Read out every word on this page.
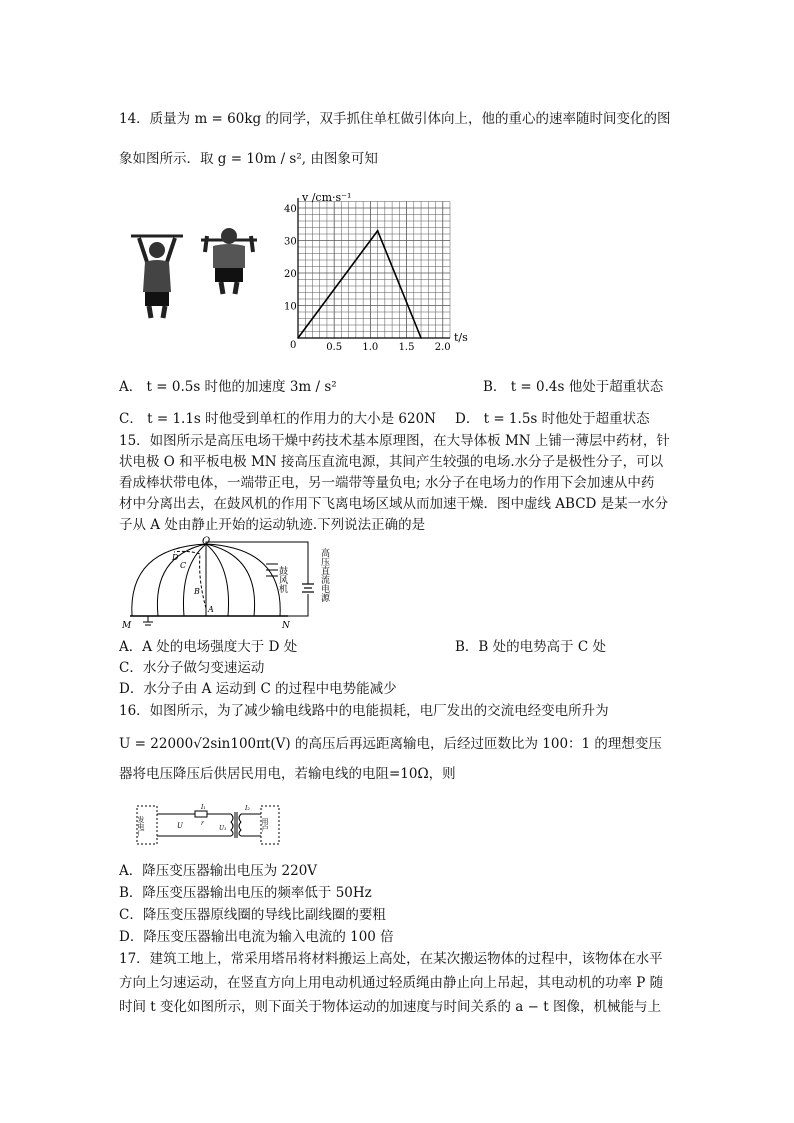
14．质量为 m = 60kg 的同学，双手抓住单杠做引体向上，他的重心的速率随时间变化的图
象如图所示．取 g = 10m / s², 由图象可知
v /cm·s⁻¹
t/s
0
10
20
30
40
0.5 1.0 1.5 2.0
A． t = 0.5s 时他的加速度 3m / s²	B． t = 0.4s 他处于超重状态
C． t = 1.1s 时他受到单杠的作用力的大小是 620N D． t = 1.5s 时他处于超重状态
15．如图所示是高压电场干燥中药技术基本原理图，在大导体板 MN 上铺一薄层中药材，针
状电极 O 和平板电极 MN 接高压直流电源，其间产生较强的电场.水分子是极性分子，可以
看成棒状带电体，一端带正电，另一端带等量负电; 水分子在电场力的作用下会加速从中药
材中分离出去，在鼓风机的作用下飞离电场区域从而加速干燥．图中虚线 ABCD 是某一水分
子从 A 处由静止开始的运动轨迹.下列说法正确的是
O
M	N
A
B
C
D
鼓风机	高压直流电源
A．A 处的电场强度大于 D 处	B．B 处的电势高于 C 处
C．水分子做匀变速运动
D．水分子由 A 运动到 C 的过程中电势能减少
16．如图所示，为了减少输电线路中的电能损耗，电厂发出的交流电经变电所升为
U = 22000√2sin100πt(V) 的高压后再远距离输电，后经过匝数比为 100：1 的理想变压
器将电压降压后供居民用电，若输电线的电阻=10Ω，则
发电厂	U
I₁
r
U₁
I₂
用户
A．降压变压器输出电压为 220V
B．降压变压器输出电压的频率低于 50Hz
C．降压变压器原线圈的导线比副线圈的要粗
D．降压变压器输出电流为输入电流的 100 倍
17．建筑工地上，常采用塔吊将材料搬运上高处，在某次搬运物体的过程中，该物体在水平
方向上匀速运动，在竖直方向上用电动机通过轻质绳由静止向上吊起，其电动机的功率 P 随
时间 t 变化如图所示，则下面关于物体运动的加速度与时间关系的 a − t 图像，机械能与上
